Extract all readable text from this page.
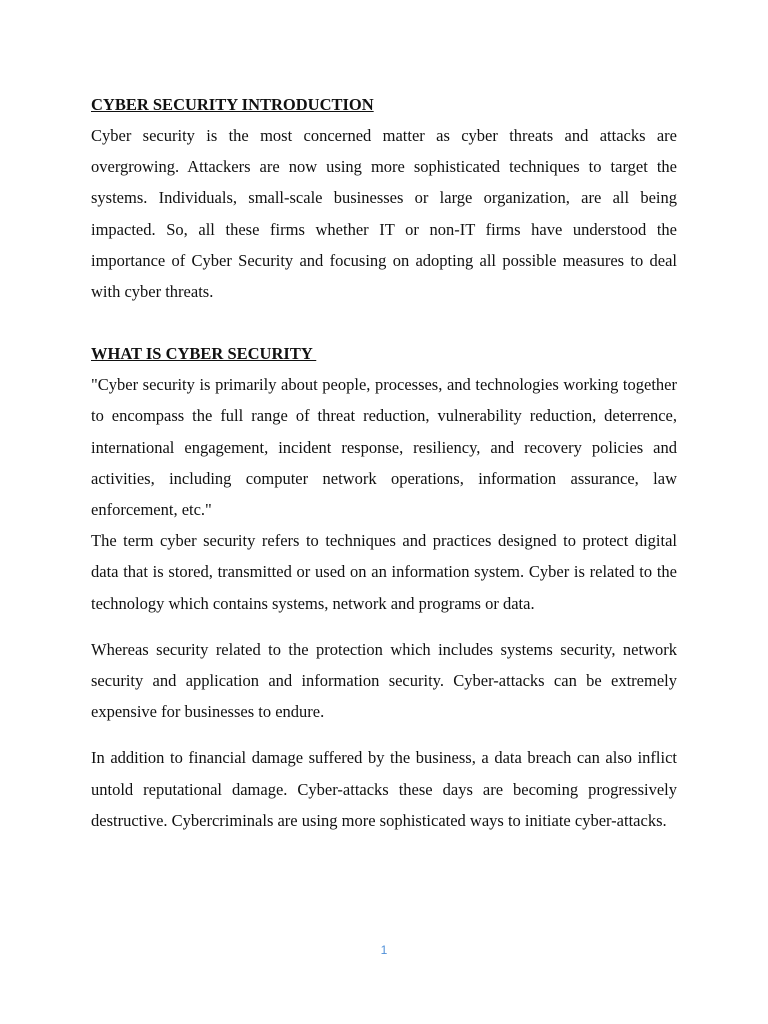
CYBER SECURITY INTRODUCTION

Cyber security is the most concerned matter as cyber threats and attacks are overgrowing. Attackers are now using more sophisticated techniques to target the systems. Individuals, small-scale businesses or large organization, are all being impacted. So, all these firms whether IT or non-IT firms have understood the importance of Cyber Security and focusing on adopting all possible measures to deal with cyber threats.

WHAT IS CYBER SECURITY

"Cyber security is primarily about people, processes, and technologies working together to encompass the full range of threat reduction, vulnerability reduction, deterrence, international engagement, incident response, resiliency, and recovery policies and activities, including computer network operations, information assurance, law enforcement, etc."

The term cyber security refers to techniques and practices designed to protect digital data that is stored, transmitted or used on an information system. Cyber is related to the technology which contains systems, network and programs or data.

Whereas security related to the protection which includes systems security, network security and application and information security. Cyber-attacks can be extremely expensive for businesses to endure.

In addition to financial damage suffered by the business, a data breach can also inflict untold reputational damage. Cyber-attacks these days are becoming progressively destructive. Cybercriminals are using more sophisticated ways to initiate cyber-attacks.

1
